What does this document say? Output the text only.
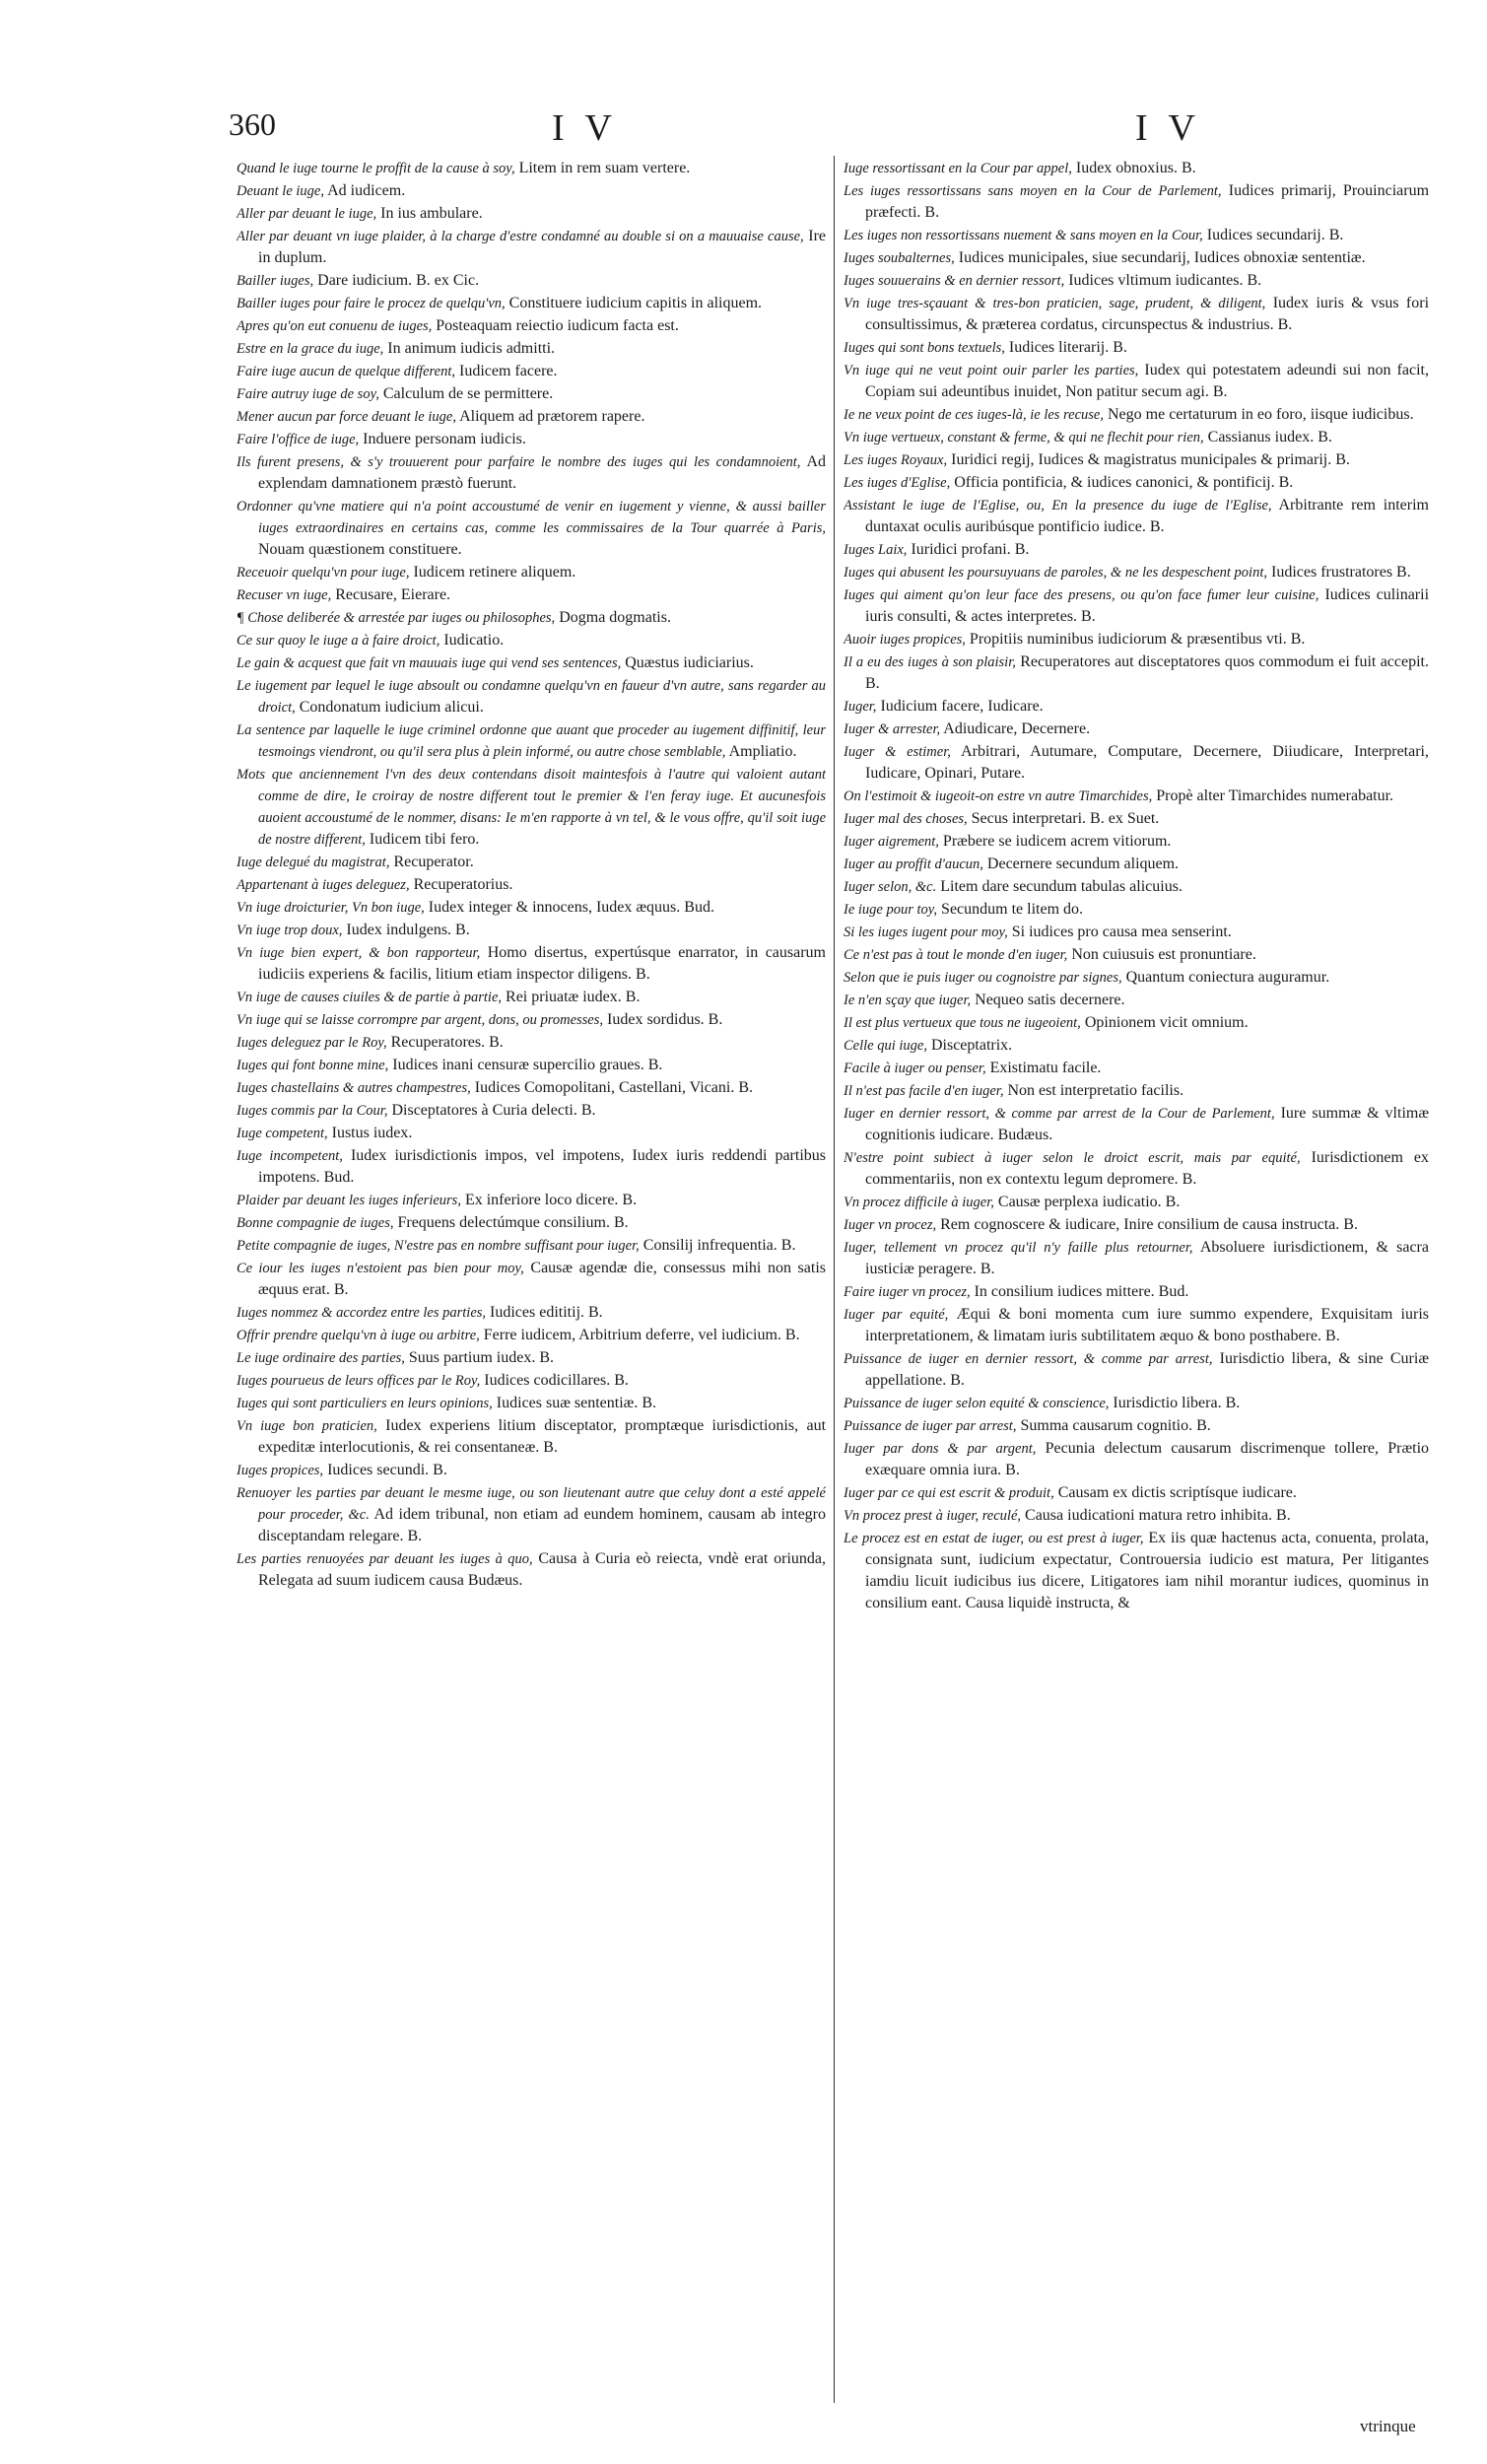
360	I V	I V

Quand le iuge tourne le proffit de la cause à soy, Litem in rem suam vertere.

Deuant le iuge, Ad iudicem.

Aller par deuant le iuge, In ius ambulare.

Aller par deuant vn iuge plaider, à la charge d'estre condamné au double si on a mauuaise cause, Ire in duplum.

Bailler iuges, Dare iudicium. B. ex Cic.

Bailler iuges pour faire le procez de quelqu'vn, Constituere iudicium capitis in aliquem.

Apres qu'on eut conuenu de iuges, Posteaquam reiectio iudicum facta est.

Estre en la grace du iuge, In animum iudicis admitti.

Faire iuge aucun de quelque different, Iudicem facere.

Faire autruy iuge de soy, Calculum de se permittere.

Mener aucun par force deuant le iuge, Aliquem ad prætorem rapere.

Faire l'office de iuge, Induere personam iudicis.

Ils furent presens, & s'y trouuerent pour parfaire le nombre des iuges qui les condamnoient, Ad explendam damnationem præstò fuerunt.

Ordonner qu'vne matiere qui n'a point accoustumé de venir en iugement y vienne, & aussi bailler iuges extraordinaires en certains cas, comme les commissaires de la Tour quarrée à Paris, Nouam quæstionem constituere.

Receuoir quelqu'vn pour iuge, Iudicem retinere aliquem.

Recuser vn iuge, Recusare, Eierare.

¶ Chose deliberée & arrestée par iuges ou philosophes, Dogma dogmatis.

Ce sur quoy le iuge a à faire droict, Iudicatio.

Le gain & acquest que fait vn mauuais iuge qui vend ses sentences, Quæstus iudiciarius.

Le iugement par lequel le iuge absoult ou condamne quelqu'vn en faueur d'vn autre, sans regarder au droict, Condonatum iudicium alicui.

La sentence par laquelle le iuge criminel ordonne que auant que proceder au iugement diffinitif, leur tesmoings viendront, ou qu'il sera plus à plein informé, ou autre chose semblable, Ampliatio.

Mots que anciennement l'vn des deux contendans disoit maintesfois à l'autre qui valoient autant comme de dire, Ie croiray de nostre different tout le premier & l'en feray iuge. Et aucunesfois auoient accoustumé de le nommer, disans: Ie m'en rapporte à vn tel, & le vous offre, qu'il soit iuge de nostre different, Iudicem tibi fero.

Iuge delegué du magistrat, Recuperator.

Appartenant à iuges deleguez, Recuperatorius.

Vn iuge droicturier, Vn bon iuge, Iudex integer & innocens, Iudex æquus. Bud.

Vn iuge trop doux, Iudex indulgens. B.

Vn iuge bien expert, & bon rapporteur, Homo disertus, expertúsque enarrator, in causarum iudiciis experiens & facilis, litium etiam inspector diligens. B.

Vn iuge de causes ciuiles & de partie à partie, Rei priuatæ iudex. B.

Vn iuge qui se laisse corrompre par argent, dons, ou promesses, Iudex sordidus. B.

Iuges deleguez par le Roy, Recuperatores. B.

Iuges qui font bonne mine, Iudices inani censuræ supercilio graues. B.

Iuges chastellains & autres champestres, Iudices Comopolitani, Castellani, Vicani. B.

Iuges commis par la Cour, Disceptatores à Curia delecti. B.

Iuge competent, Iustus iudex.

Iuge incompetent, Iudex iurisdictionis impos, vel impotens, Iudex iuris reddendi partibus impotens. Bud.

Plaider par deuant les iuges inferieurs, Ex inferiore loco dicere. B.

Bonne compagnie de iuges, Frequens delectúmque consilium. B.

Petite compagnie de iuges, N'estre pas en nombre suffisant pour iuger, Consilij infrequentia. B.

Ce iour les iuges n'estoient pas bien pour moy, Causæ agendæ die, consessus mihi non satis æquus erat. B.

Iuges nommez & accordez entre les parties, Iudices edititij. B.

Offrir prendre quelqu'vn à iuge ou arbitre, Ferre iudicem, Arbitrium deferre, vel iudicium. B.

Le iuge ordinaire des parties, Suus partium iudex. B.

Iuges pourueus de leurs offices par le Roy, Iudices codicillares. B.

Iuges qui sont particuliers en leurs opinions, Iudices suæ sententiæ. B.

Vn iuge bon praticien, Iudex experiens litium disceptator, promptæque iurisdictionis, aut expeditæ interlocutionis, & rei consentaneæ. B.

Iuges propices, Iudices secundi. B.

Renuoyer les parties par deuant le mesme iuge, ou son lieutenant autre que celuy dont a esté appelé pour proceder, &c. Ad idem tribunal, non etiam ad eundem hominem, causam ab integro disceptandam relegare. B.

Les parties renuoyées par deuant les iuges à quo, Causa à Curia eò reiecta, vndè erat oriunda, Relegata ad suum iudicem causa Budæus.

Iuge ressortissant en la Cour par appel, Iudex obnoxius. B.

Les iuges ressortissans sans moyen en la Cour de Parlement, Iudices primarij, Prouinciarum præfecti. B.

Les iuges non ressortissans nuement & sans moyen en la Cour, Iudices secundarij. B.

Iuges soubalternes, Iudices municipales, siue secundarij, Iudices obnoxiæ sententiæ.

Iuges souuerains & en dernier ressort, Iudices vltimum iudicantes. B.

Vn iuge tres-sçauant & tres-bon praticien, sage, prudent, & diligent, Iudex iuris & vsus fori consultissimus, & præterea cordatus, circunspectus & industrius. B.

Iuges qui sont bons textuels, Iudices literarij. B.

Vn iuge qui ne veut point ouir parler les parties, Iudex qui potestatem adeundi sui non facit, Copiam sui adeuntibus inuidet, Non patitur secum agi. B.

Ie ne veux point de ces iuges-là, ie les recuse, Nego me certaturum in eo foro, iisque iudicibus.

Vn iuge vertueux, constant & ferme, & qui ne flechit pour rien, Cassianus iudex. B.

Les iuges Royaux, Iuridici regij, Iudices & magistratus municipales & primarij. B.

Les iuges d'Eglise, Officia pontificia, & iudices canonici, & pontificij. B.

Assistant le iuge de l'Eglise, ou, En la presence du iuge de l'Eglise, Arbitrante rem interim duntaxat oculis auribúsque pontificio iudice. B.

Iuges Laix, Iuridici profani. B.

Iuges qui abusent les poursuyuans de paroles, & ne les despeschent point, Iudices frustratores B.

Iuges qui aiment qu'on leur face des presens, ou qu'on face fumer leur cuisine, Iudices culinarii iuris consulti, & actes interpretes. B.

Auoir iuges propices, Propitiis numinibus iudiciorum & præsentibus vti. B.

Il a eu des iuges à son plaisir, Recuperatores aut disceptatores quos commodum ei fuit accepit. B.

Iuger, Iudicium facere, Iudicare.

Iuger & arrester, Adiudicare, Decernere.

Iuger & estimer, Arbitrari, Autumare, Computare, Decernere, Diiudicare, Interpretari, Iudicare, Opinari, Putare.

On l'estimoit & iugeoit-on estre vn autre Timarchides, Propè alter Timarchides numerabatur.

Iuger mal des choses, Secus interpretari. B. ex Suet.

Iuger aigrement, Præbere se iudicem acrem vitiorum.

Iuger au proffit d'aucun, Decernere secundum aliquem.

Iuger selon, &c. Litem dare secundum tabulas alicuius.

Ie iuge pour toy, Secundum te litem do.

Si les iuges iugent pour moy, Si iudices pro causa mea senserint.

Ce n'est pas à tout le monde d'en iuger, Non cuiusuis est pronuntiare.

Selon que ie puis iuger ou cognoistre par signes, Quantum coniectura auguramur.

Ie n'en sçay que iuger, Nequeo satis decernere.

Il est plus vertueux que tous ne iugeoient, Opinionem vicit omnium.

Celle qui iuge, Disceptatrix.

Facile à iuger ou penser, Existimatu facile.

Il n'est pas facile d'en iuger, Non est interpretatio facilis.

Iuger en dernier ressort, & comme par arrest de la Cour de Parlement, Iure summæ & vltimæ cognitionis iudicare. Budæus.

N'estre point subiect à iuger selon le droict escrit, mais par equité, Iurisdictionem ex commentariis, non ex contextu legum depromere. B.

Vn procez difficile à iuger, Causæ perplexa iudicatio. B.

Iuger vn procez, Rem cognoscere & iudicare, Inire consilium de causa instructa. B.

Iuger, tellement vn procez qu'il n'y faille plus retourner, Absoluere iurisdictionem, & sacra iusticiæ peragere. B.

Faire iuger vn procez, In consilium iudices mittere. Bud.

Iuger par equité, Æqui & boni momenta cum iure summo expendere, Exquisitam iuris interpretationem, & limatam iuris subtilitatem æquo & bono posthabere. B.

Puissance de iuger en dernier ressort, & comme par arrest, Iurisdictio libera, & sine Curiæ appellatione. B.

Puissance de iuger selon equité & conscience, Iurisdictio libera. B.

Puissance de iuger par arrest, Summa causarum cognitio. B.

Iuger par dons & par argent, Pecunia delectum causarum discrimenque tollere, Prætio exæquare omnia iura. B.

Iuger par ce qui est escrit & produit, Causam ex dictis scriptísque iudicare.

Vn procez prest à iuger, reculé, Causa iudicationi matura retro inhibita. B.

Le procez est en estat de iuger, ou est prest à iuger, Ex iis quæ hactenus acta, conuenta, prolata, consignata sunt, iudicium expectatur, Controuersia iudicio est matura, Per litigantes iamdiu licuit iudicibus ius dicere, Litigatores iam nihil morantur iudices, quominus in consilium eant. Causa liquidè instructa, &

vtrinque
